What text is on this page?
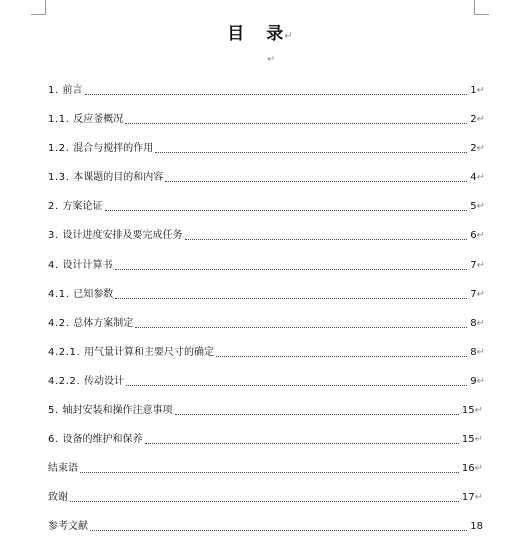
目 录↵
↵
1. 前言	1↵
1.1. 反应釜概况	2↵
1.2. 混合与搅拌的作用	2↵
1.3. 本课题的目的和内容	4↵
2. 方案论证	5↵
3. 设计进度安排及要完成任务	6↵
4. 设计计算书	7↵
4.1. 已知参数	7↵
4.2. 总体方案制定	8↵
4.2.1. 用气量计算和主要尺寸的确定	8↵
4.2.2. 传动设计	9↵
5. 轴封安装和操作注意事项	15↵
6. 设备的维护和保养	15↵
结束语	16↵
致谢	17↵
参考文献	18
